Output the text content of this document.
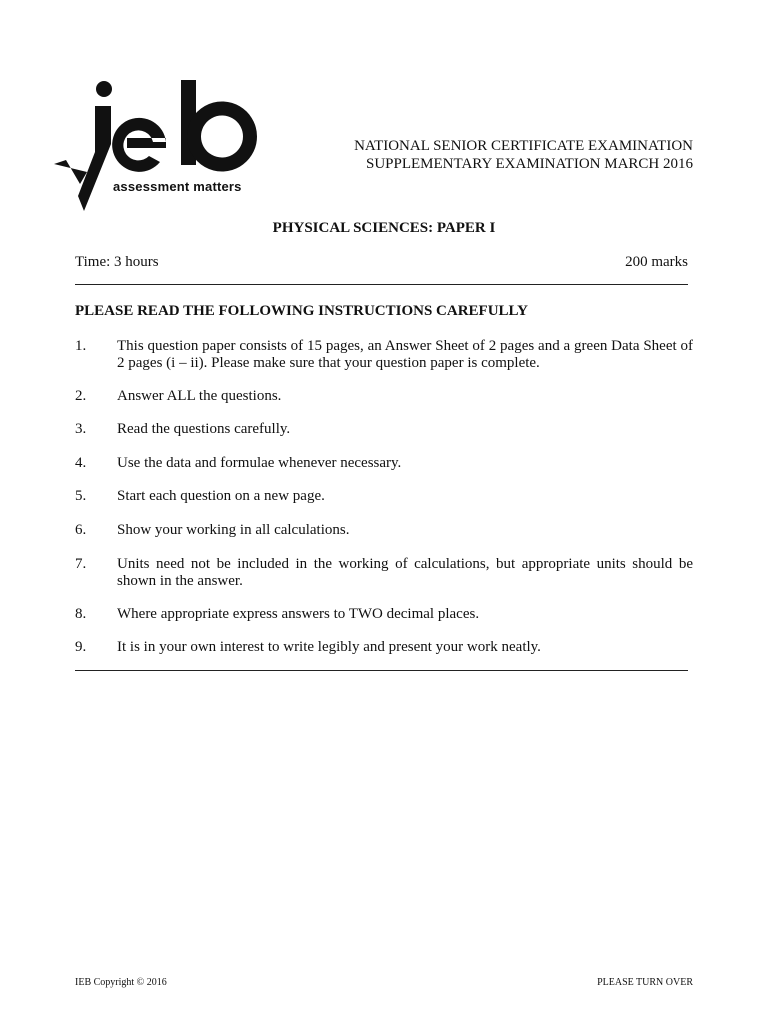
assessment matters
NATIONAL SENIOR CERTIFICATE EXAMINATION
SUPPLEMENTARY EXAMINATION MARCH 2016
PHYSICAL SCIENCES: PAPER I
Time: 3 hours	200 marks
PLEASE READ THE FOLLOWING INSTRUCTIONS CAREFULLY
1. This question paper consists of 15 pages, an Answer Sheet of 2 pages and a green Data Sheet of 2 pages (i – ii). Please make sure that your question paper is complete.
2. Answer ALL the questions.
3. Read the questions carefully.
4. Use the data and formulae whenever necessary.
5. Start each question on a new page.
6. Show your working in all calculations.
7. Units need not be included in the working of calculations, but appropriate units should be shown in the answer.
8. Where appropriate express answers to TWO decimal places.
9. It is in your own interest to write legibly and present your work neatly.
IEB Copyright © 2016	PLEASE TURN OVER
